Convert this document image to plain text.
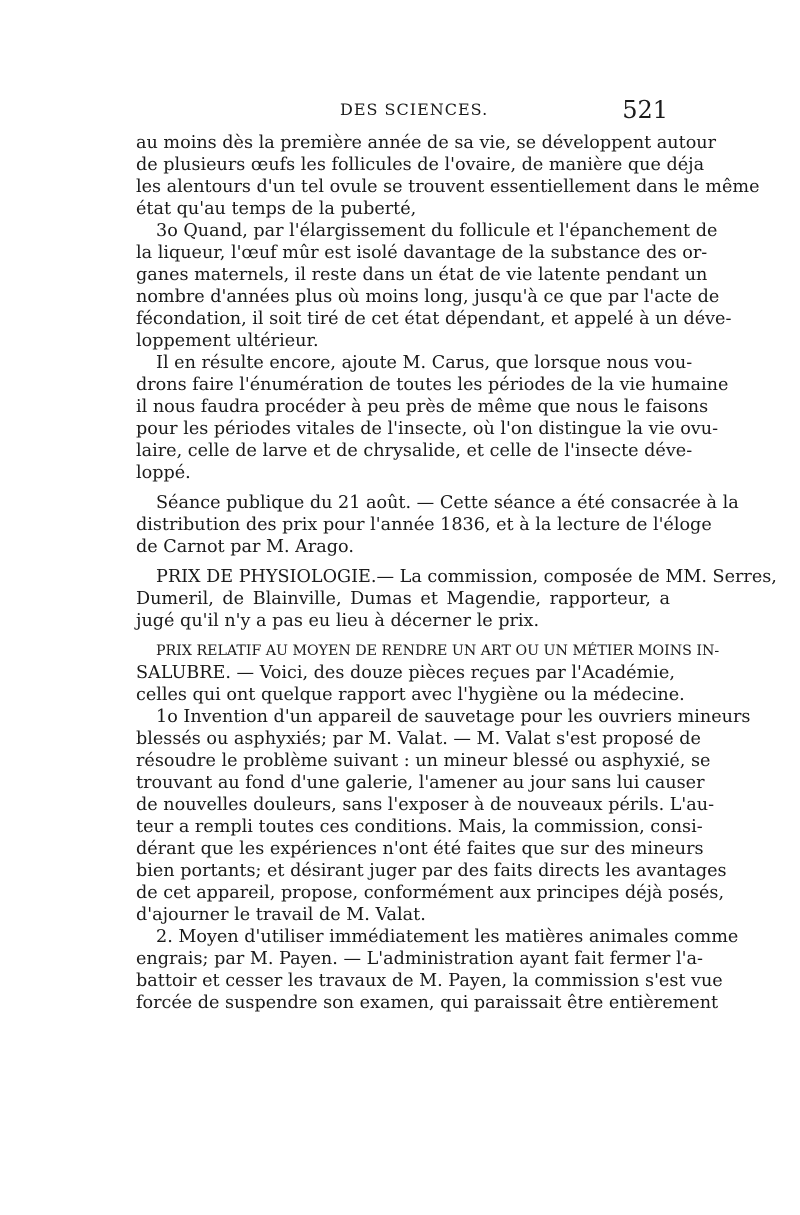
DES SCIENCES.	521
au moins dès la première année de sa vie, se développent autour
de plusieurs œufs les follicules de l'ovaire, de manière que déja
les alentours d'un tel ovule se trouvent essentiellement dans le même
état qu'au temps de la puberté,
3o Quand, par l'élargissement du follicule et l'épanchement de
la liqueur, l'œuf mûr est isolé davantage de la substance des or-
ganes maternels, il reste dans un état de vie latente pendant un
nombre d'années plus où moins long, jusqu'à ce que par l'acte de
fécondation, il soit tiré de cet état dépendant, et appelé à un déve-
loppement ultérieur.
Il en résulte encore, ajoute M. Carus, que lorsque nous vou-
drons faire l'énumération de toutes les périodes de la vie humaine
il nous faudra procéder à peu près de même que nous le faisons
pour les périodes vitales de l'insecte, où l'on distingue la vie ovu-
laire, celle de larve et de chrysalide, et celle de l'insecte déve-
loppé.
Séance publique du 21 août. — Cette séance a été consacrée à la
distribution des prix pour l'année 1836, et à la lecture de l'éloge
de Carnot par M. Arago.
PRIX DE PHYSIOLOGIE.— La commission, composée de MM. Serres,
Dumeril, de Blainville, Dumas et Magendie, rapporteur, a
jugé qu'il n'y a pas eu lieu à décerner le prix.
PRIX RELATIF AU MOYEN DE RENDRE UN ART OU UN MÉTIER MOINS IN-
SALUBRE. — Voici, des douze pièces reçues par l'Académie,
celles qui ont quelque rapport avec l'hygiène ou la médecine.
1o Invention d'un appareil de sauvetage pour les ouvriers mineurs
blessés ou asphyxiés; par M. Valat. — M. Valat s'est proposé de
résoudre le problème suivant : un mineur blessé ou asphyxié, se
trouvant au fond d'une galerie, l'amener au jour sans lui causer
de nouvelles douleurs, sans l'exposer à de nouveaux périls. L'au-
teur a rempli toutes ces conditions. Mais, la commission, consi-
dérant que les expériences n'ont été faites que sur des mineurs
bien portants; et désirant juger par des faits directs les avantages
de cet appareil, propose, conformément aux principes déjà posés,
d'ajourner le travail de M. Valat.
2. Moyen d'utiliser immédiatement les matières animales comme
engrais; par M. Payen. — L'administration ayant fait fermer l'a-
battoir et cesser les travaux de M. Payen, la commission s'est vue
forcée de suspendre son examen, qui paraissait être entièrement
